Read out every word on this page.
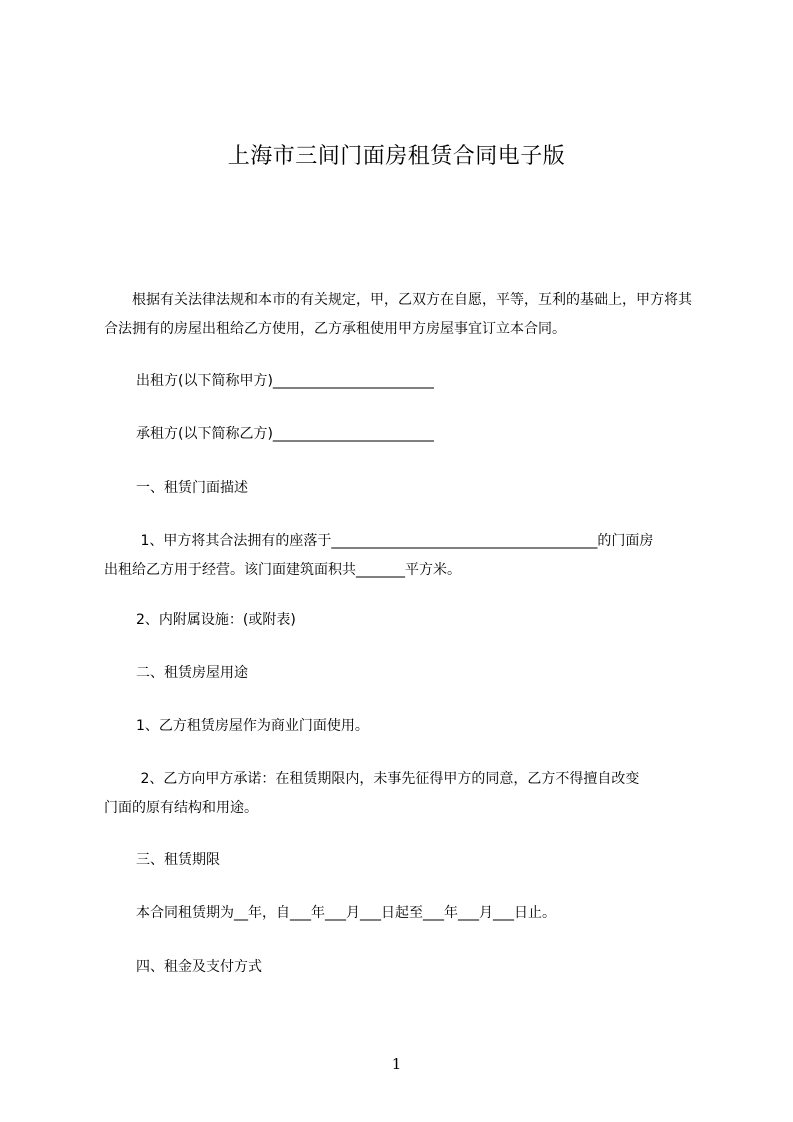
上海市三间门面房租赁合同电子版
　　根据有关法律法规和本市的有关规定，甲，乙双方在自愿，平等，互利的基础上，甲方将其合法拥有的房屋出租给乙方使用，乙方承租使用甲方房屋事宜订立本合同。
出租方(以下简称甲方)_______________________
承租方(以下简称乙方)_______________________
一、租赁门面描述
1、甲方将其合法拥有的座落于______________________________________的门面房
出租给乙方用于经营。该门面建筑面积共_______平方米。
2、内附属设施：(或附表)
二、租赁房屋用途
1、乙方租赁房屋作为商业门面使用。
2、乙方向甲方承诺：在租赁期限内，未事先征得甲方的同意，乙方不得擅自改变
门面的原有结构和用途。
三、租赁期限
本合同租赁期为__年，自___年___月___日起至___年___月___日止。
四、租金及支付方式
1
